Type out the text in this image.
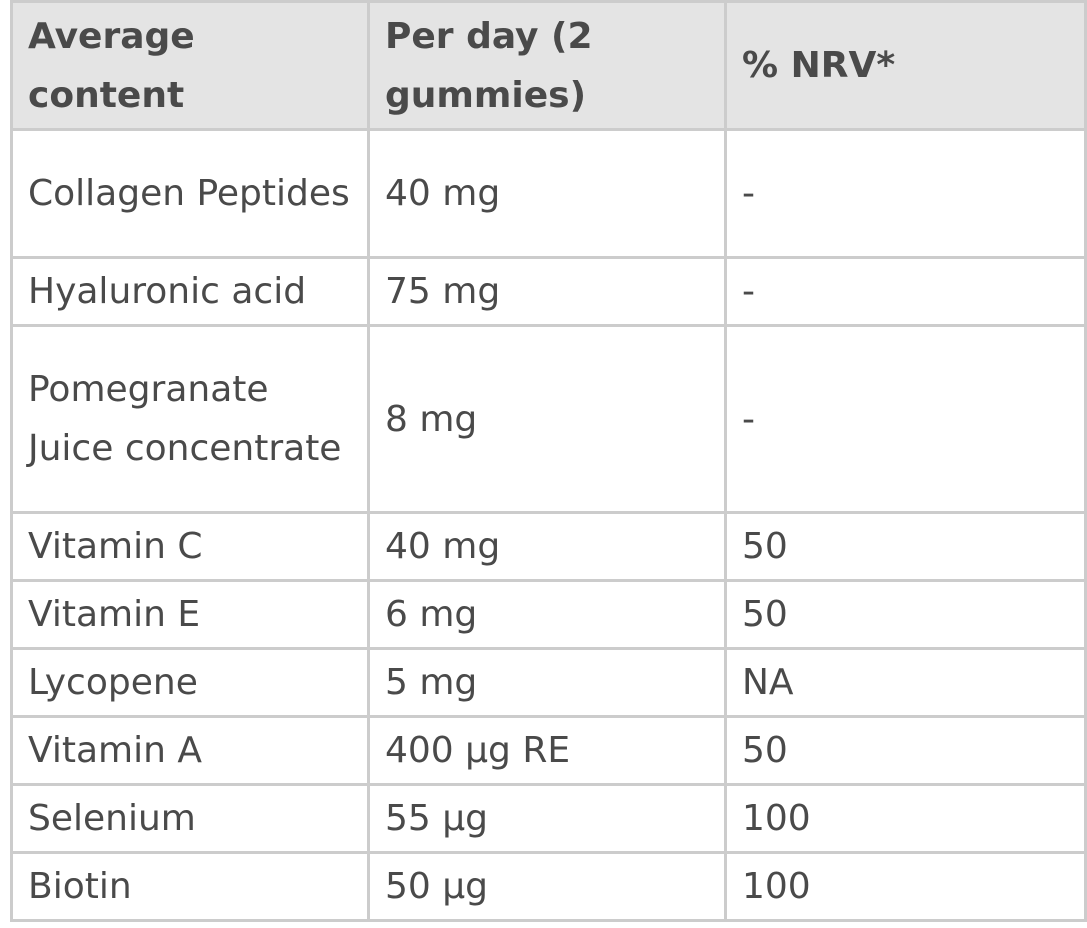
Average content	Per day (2 gummies)	% NRV*
Collagen Peptides	40 mg	-
Hyaluronic acid	75 mg	-
Pomegranate Juice concentrate	8 mg	-
Vitamin C	40 mg	50
Vitamin E	6 mg	50
Lycopene	5 mg	NA
Vitamin A	400 µg RE	50
Selenium	55 µg	100
Biotin	50 µg	100
